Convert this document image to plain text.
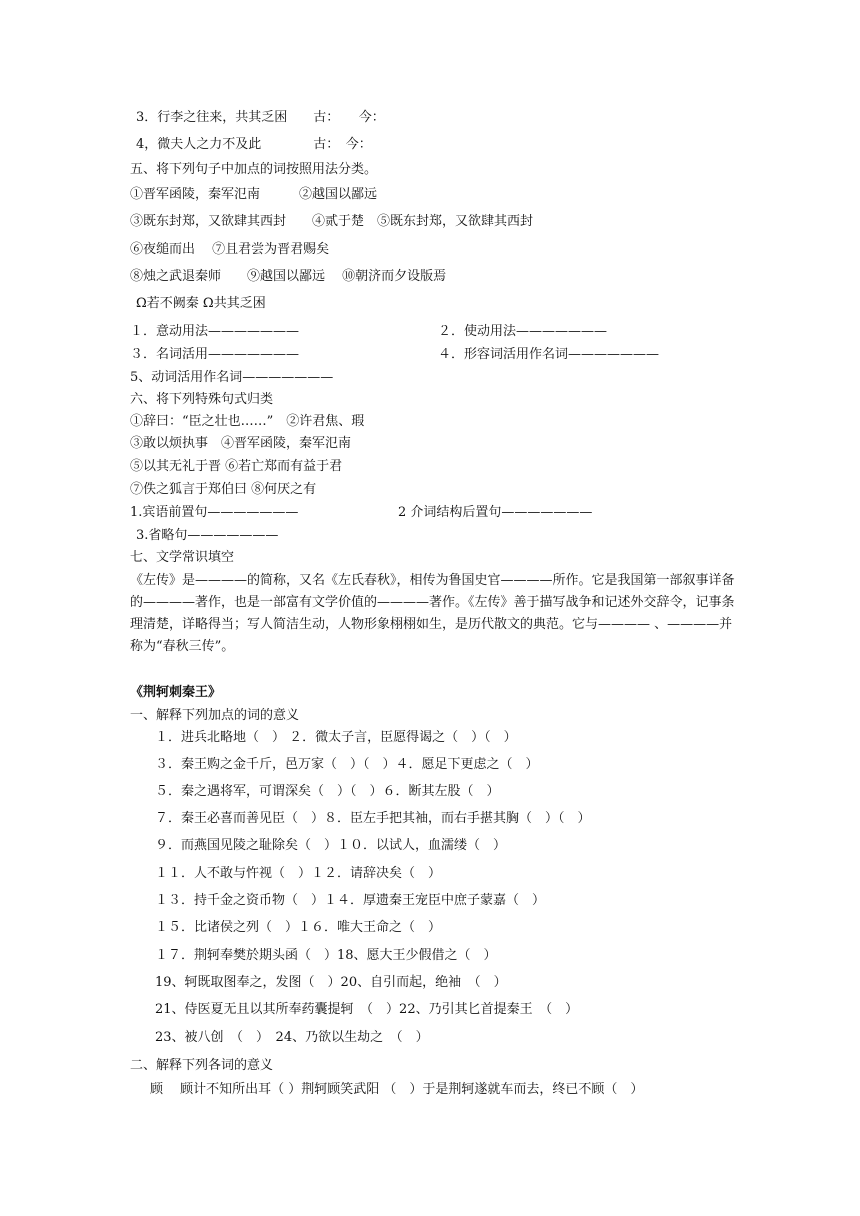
3．行李之往来，共其乏困　　古：　　今：
4，微夫人之力不及此　　　　古：　今：
五、将下列句子中加点的词按照用法分类。
①晋军函陵，秦军氾南　　　②越国以鄙远
③既东封郑，又欲肆其西封　　④贰于楚　⑤既东封郑，又欲肆其西封
⑥夜缒而出　 ⑦且君尝为晋君赐矣
⑧烛之武退秦师　　⑨越国以鄙远　 ⑩朝济而夕设版焉
Ω若不阙秦 Ω共其乏困
１．意动用法———————	２．使动用法———————
３．名词活用———————	４．形容词活用作名词———————
5、动词活用作名词———————
六、将下列特殊句式归类
①辞曰：“臣之壮也……”　②许君焦、瑕
③敢以烦执事　④晋军函陵，秦军氾南
⑤以其无礼于晋 ⑥若亡郑而有益于君
⑦佚之狐言于郑伯曰 ⑧何厌之有
1.宾语前置句———————	2 介词结构后置句———————
3.省略句———————
七、文学常识填空
《左传》是————的简称，又名《左氏春秋》，相传为鲁国史官————所作。它是我国第一部叙事详备的————著作，也是一部富有文学价值的————著作。《左传》善于描写战争和记述外交辞令，记事条理清楚，详略得当；写人简洁生动，人物形象栩栩如生，是历代散文的典范。它与———— 、————并称为“春秋三传”。
《荆轲刺秦王》
一、解释下列加点的词的意义
１．进兵北略地（　） ２．微太子言，臣愿得谒之（　）（　）
３．秦王购之金千斤，邑万家（　）（　）４．愿足下更虑之（　）
５．秦之遇将军，可谓深矣（　）（　）６．断其左股（　）
７．秦王必喜而善见臣（　）８．臣左手把其袖，而右手揕其胸（　）（　）
９．而燕国见陵之耻除矣（　）１０．以试人，血濡缕（　）
１１．人不敢与忤视（　）１２．请辞决矣（　）
１３．持千金之资币物（　）１４．厚遗秦王宠臣中庶子蒙嘉（　）
１５．比诸侯之列（　）１６．唯大王命之（　）
１７．荆轲奉樊於期头函（　）18、愿大王少假借之（　）
19、轲既取图奉之，发图（　）20、自引而起，绝袖　（　）
21、侍医夏无且以其所奉药囊提轲　（　）22、乃引其匕首提秦王　（　）
23、被八创　（　）　24、乃欲以生劫之　（　）
二、解释下列各词的意义
顾　 顾计不知所出耳（ ）荆轲顾笑武阳 （　）于是荆轲遂就车而去，终已不顾（　）
